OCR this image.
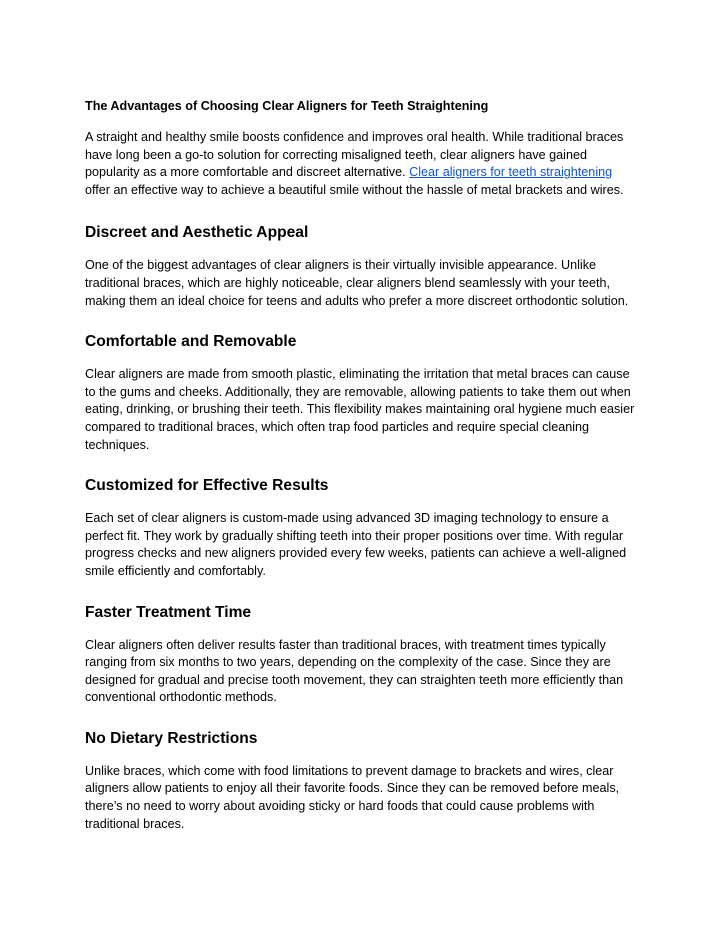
The Advantages of Choosing Clear Aligners for Teeth Straightening

A straight and healthy smile boosts confidence and improves oral health. While traditional braces have long been a go-to solution for correcting misaligned teeth, clear aligners have gained popularity as a more comfortable and discreet alternative. Clear aligners for teeth straightening offer an effective way to achieve a beautiful smile without the hassle of metal brackets and wires.

Discreet and Aesthetic Appeal

One of the biggest advantages of clear aligners is their virtually invisible appearance. Unlike traditional braces, which are highly noticeable, clear aligners blend seamlessly with your teeth, making them an ideal choice for teens and adults who prefer a more discreet orthodontic solution.

Comfortable and Removable

Clear aligners are made from smooth plastic, eliminating the irritation that metal braces can cause to the gums and cheeks. Additionally, they are removable, allowing patients to take them out when eating, drinking, or brushing their teeth. This flexibility makes maintaining oral hygiene much easier compared to traditional braces, which often trap food particles and require special cleaning techniques.

Customized for Effective Results

Each set of clear aligners is custom-made using advanced 3D imaging technology to ensure a perfect fit. They work by gradually shifting teeth into their proper positions over time. With regular progress checks and new aligners provided every few weeks, patients can achieve a well-aligned smile efficiently and comfortably.

Faster Treatment Time

Clear aligners often deliver results faster than traditional braces, with treatment times typically ranging from six months to two years, depending on the complexity of the case. Since they are designed for gradual and precise tooth movement, they can straighten teeth more efficiently than conventional orthodontic methods.

No Dietary Restrictions

Unlike braces, which come with food limitations to prevent damage to brackets and wires, clear aligners allow patients to enjoy all their favorite foods. Since they can be removed before meals, there’s no need to worry about avoiding sticky or hard foods that could cause problems with traditional braces.
